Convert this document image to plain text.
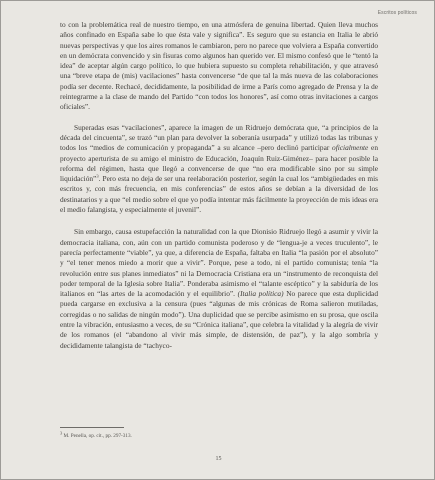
Escritos políticos

to con la problemática real de nuestro tiempo, en una atmósfera de genuina libertad. Quien lleva muchos años confinado en España sabe lo que ésta vale y significa”. Es seguro que su estancia en Italia le abrió nuevas perspectivas y que los aires romanos le cambiaron, pero no parece que volviera a España convertido en un demócrata convencido y sin fisuras como algunos han querido ver. El mismo confesó que le “tentó la idea” de aceptar algún cargo político, lo que hubiera supuesto su completa rehabilitación, y que atravesó una “breve etapa de (mis) vacilaciones” hasta convencerse “de que tal la más nueva de las colaboraciones podía ser decente. Rechacé, decididamente, la posibilidad de irme a París como agregado de Prensa y la de reintegrarme a la clase de mando del Partido “con todos los honores”, así como otras invitaciones a cargos oficiales”.

Superadas esas “vacilaciones”, aparece la imagen de un Ridruejo demócrata que, “a principios de la década del cincuenta”, se trazó “un plan para devolver la soberanía usurpada” y utilizó todas las tribunas y todos los “medios de comunicación y propaganda” a su alcance –pero declinó participar oficialmente en proyecto aperturista de su amigo el ministro de Educación, Joaquín Ruiz-Giménez– para hacer posible la reforma del régimen, hasta que llegó a convencerse de que “no era modificable sino por su simple liquidación”$^3$. Pero esta no deja de ser una reelaboración posterior, según la cual los “ambigüedades en mis escritos y, con más frecuencia, en mis conferencias” de estos años se debían a la diversidad de los destinatarios y a que “el medio sobre el que yo podía intentar más fácilmente la proyección de mis ideas era el medio falangista, y especialmente el juvenil”.

Sin embargo, causa estupefacción la naturalidad con la que Dionisio Ridruejo llegó a asumir y vivir la democracia italiana, con, aún con un partido comunista poderoso y de “lengua-je a veces truculento”, le parecía perfectamente “viable”, ya que, a diferencia de España, faltaba en Italia “la pasión por el absoluto” y “el tener menos miedo a morir que a vivir”. Porque, pese a todo, ni el partido comunista; tenía “la revolución entre sus planes inmediatos” ni la Democracia Cristiana era un “instrumento de reconquista del poder temporal de la Iglesia sobre Italia”. Ponderaba asimismo el “talante escéptico” y la sabiduría de los italianos en “las artes de la acomodación y el equilibrio”. (Italia política) No parece que esta duplicidad pueda cargarse en exclusiva a la censura (pues “algunas de mis crónicas de Roma salieron mutiladas, corregidas o no salidas de ningún modo”). Una duplicidad que se percibe asimismo en su prosa, que oscila entre la vibración, entusiasmo a veces, de su “Crónica italiana”, que celebra la vitalidad y la alegría de vivir de los romanos (el “abandono al vivir más simple, de distensión, de paz”), y la algo sombría y decididamente talangista de “tachyco-

$^3$ M. Penella, op. cit., pp. 297-313.
15
